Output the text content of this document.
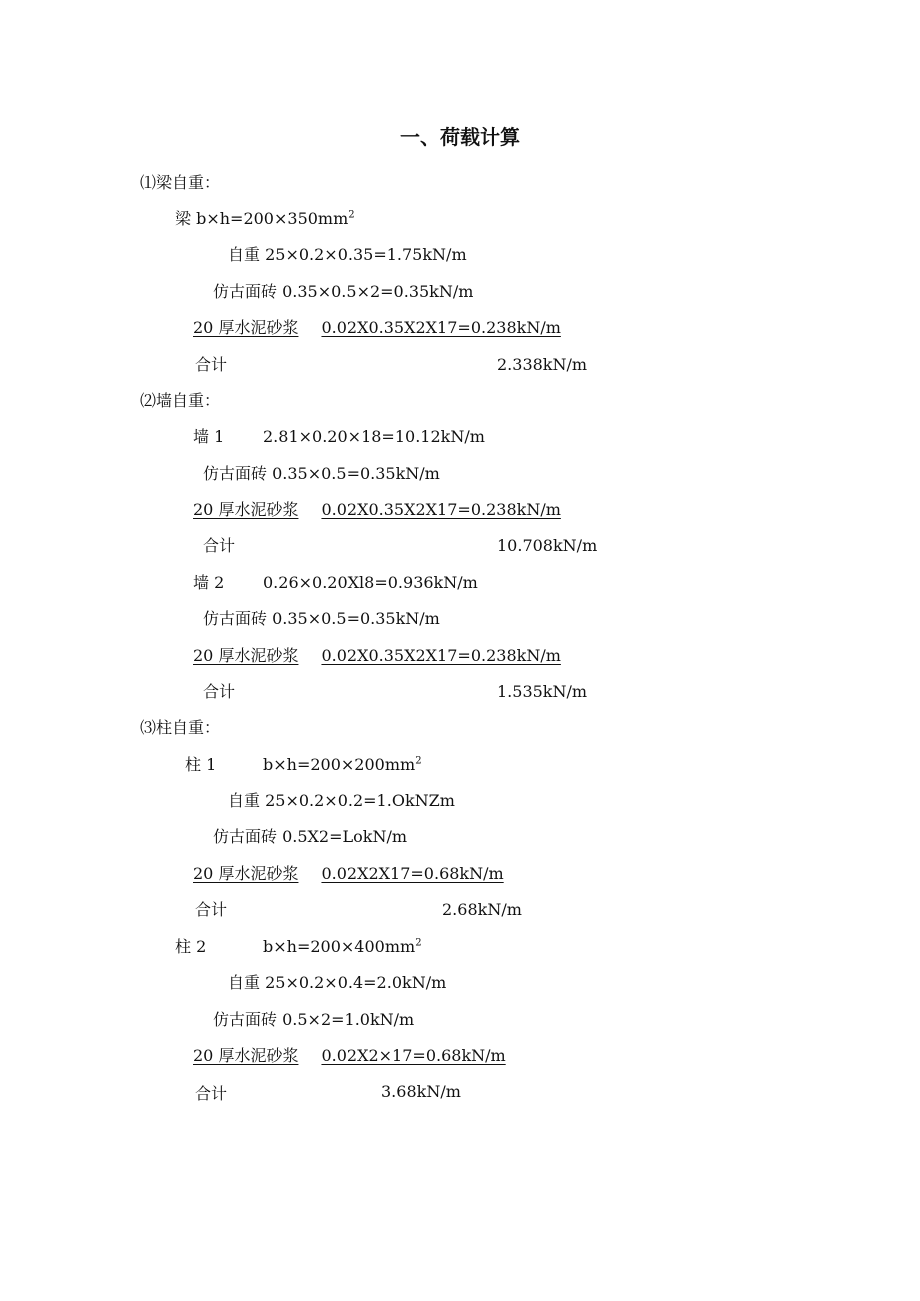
一、荷载计算
⑴梁自重：
梁 $b\times h=200\times 350mm^2$
自重 25×0.2×0.35=1.75kN∕m
仿古面砖 0.35×0.5×2=0.35kN∕m
20 厚水泥砂浆 0.02X0.35X2X17=0.238kN∕m
合计	2.338kN/m
⑵墙自重：
墙 1 2.81×0.20×18=10.12kN∕m
仿古面砖 0.35×0.5=0.35kN∕m
20 厚水泥砂浆 0.02X0.35X2X17=0.238kN∕m
合计	10.708kN∕m
墙 2 0.26×0.20Xl8=0.936kN∕m
仿古面砖 0.35×0.5=0.35kN∕m
20 厚水泥砂浆 0.02X0.35X2X17=0.238kN∕m
合计	1.535kN∕m
⑶柱自重：
柱 1	$b\times h=200\times 200mm^2$
自重 25×0.2×0.2=1.OkNZm
仿古面砖 0.5X2=LokN/m
20 厚水泥砂浆 0.02X2X17=0.68kN∕m
合计	2.68kN/m
柱 2	$b\times h=200\times 400mm^2$
自重 25×0.2×0.4=2.0kN∕m
仿古面砖 0.5×2=1.0kN∕m
20 厚水泥砂浆 0.02X2×17=0.68kN∕m
合计	3.68kN/m
